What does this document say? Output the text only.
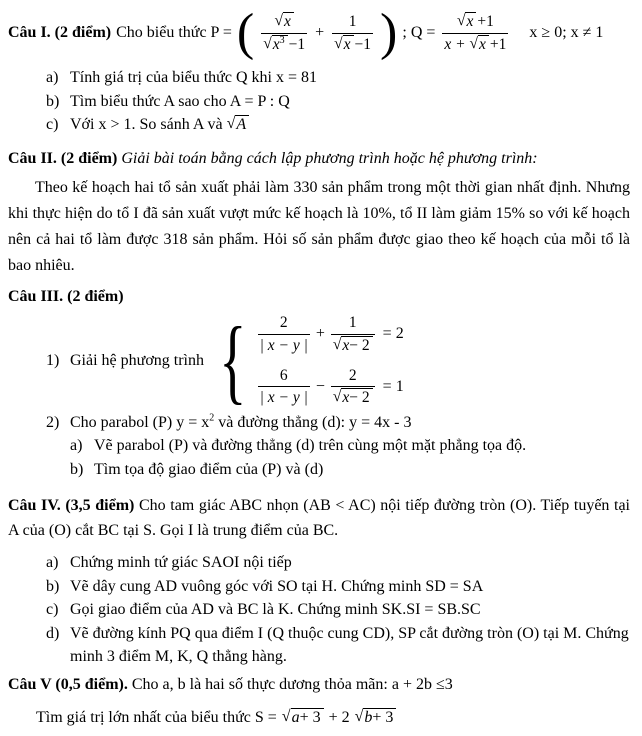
Câu I. (2 điểm) Cho biểu thức P = ( $\frac{√x}{√x^3 -1} + \frac{1}{√x -1}$ ) ; $Q = \frac{√x +1}{x + √x +1}$ x ≥ 0; x ≠ 1
a) Tính giá trị của biểu thức Q khi x = 81
b) Tìm biểu thức A sao cho A = P : Q
c) Với x > 1. So sánh A và √A

Câu II. (2 điểm) Giải bài toán bằng cách lập phương trình hoặc hệ phương trình:

Theo kế hoạch hai tổ sản xuất phải làm 330 sản phẩm trong một thời gian nhất định. Nhưng khi thực hiện do tổ I đã sản xuất vượt mức kế hoạch là 10%, tổ II làm giảm 15% so với kế hoạch nên cả hai tổ làm được 318 sản phẩm. Hỏi số sản phẩm được giao theo kế hoạch của mỗi tổ là bao nhiêu.

Câu III. (2 điểm)

1) Giải hệ phương trình { $\frac{2}{| x - y |} + \frac{1}{√x- 2} = 2$
$\frac{6}{| x - y |} - \frac{2}{√x- 2} = 1$
2) Cho parabol (P) $y = x^2$ và đường thẳng (d): y = 4x - 3
a) Vẽ parabol (P) và đường thẳng (d) trên cùng một mặt phẳng tọa độ.
b) Tìm tọa độ giao điểm của (P) và (d)

Câu IV. (3,5 điểm) Cho tam giác ABC nhọn (AB < AC) nội tiếp đường tròn (O). Tiếp tuyến tại A của (O) cắt BC tại S. Gọi I là trung điểm của BC.

a) Chứng minh tứ giác SAOI nội tiếp
b) Vẽ dây cung AD vuông góc với SO tại H. Chứng minh SD = SA
c) Gọi giao điểm của AD và BC là K. Chứng minh SK.SI = SB.SC
d) Vẽ đường kính PQ qua điểm I (Q thuộc cung CD), SP cắt đường tròn (O) tại M. Chứng minh 3 điểm M, K, Q thẳng hàng.

Câu V (0,5 điểm). Cho a, b là hai số thực dương thỏa mãn: a + 2b ≤3

Tìm giá trị lớn nhất của biểu thức S = √a+ 3 + 2 √b+ 3
